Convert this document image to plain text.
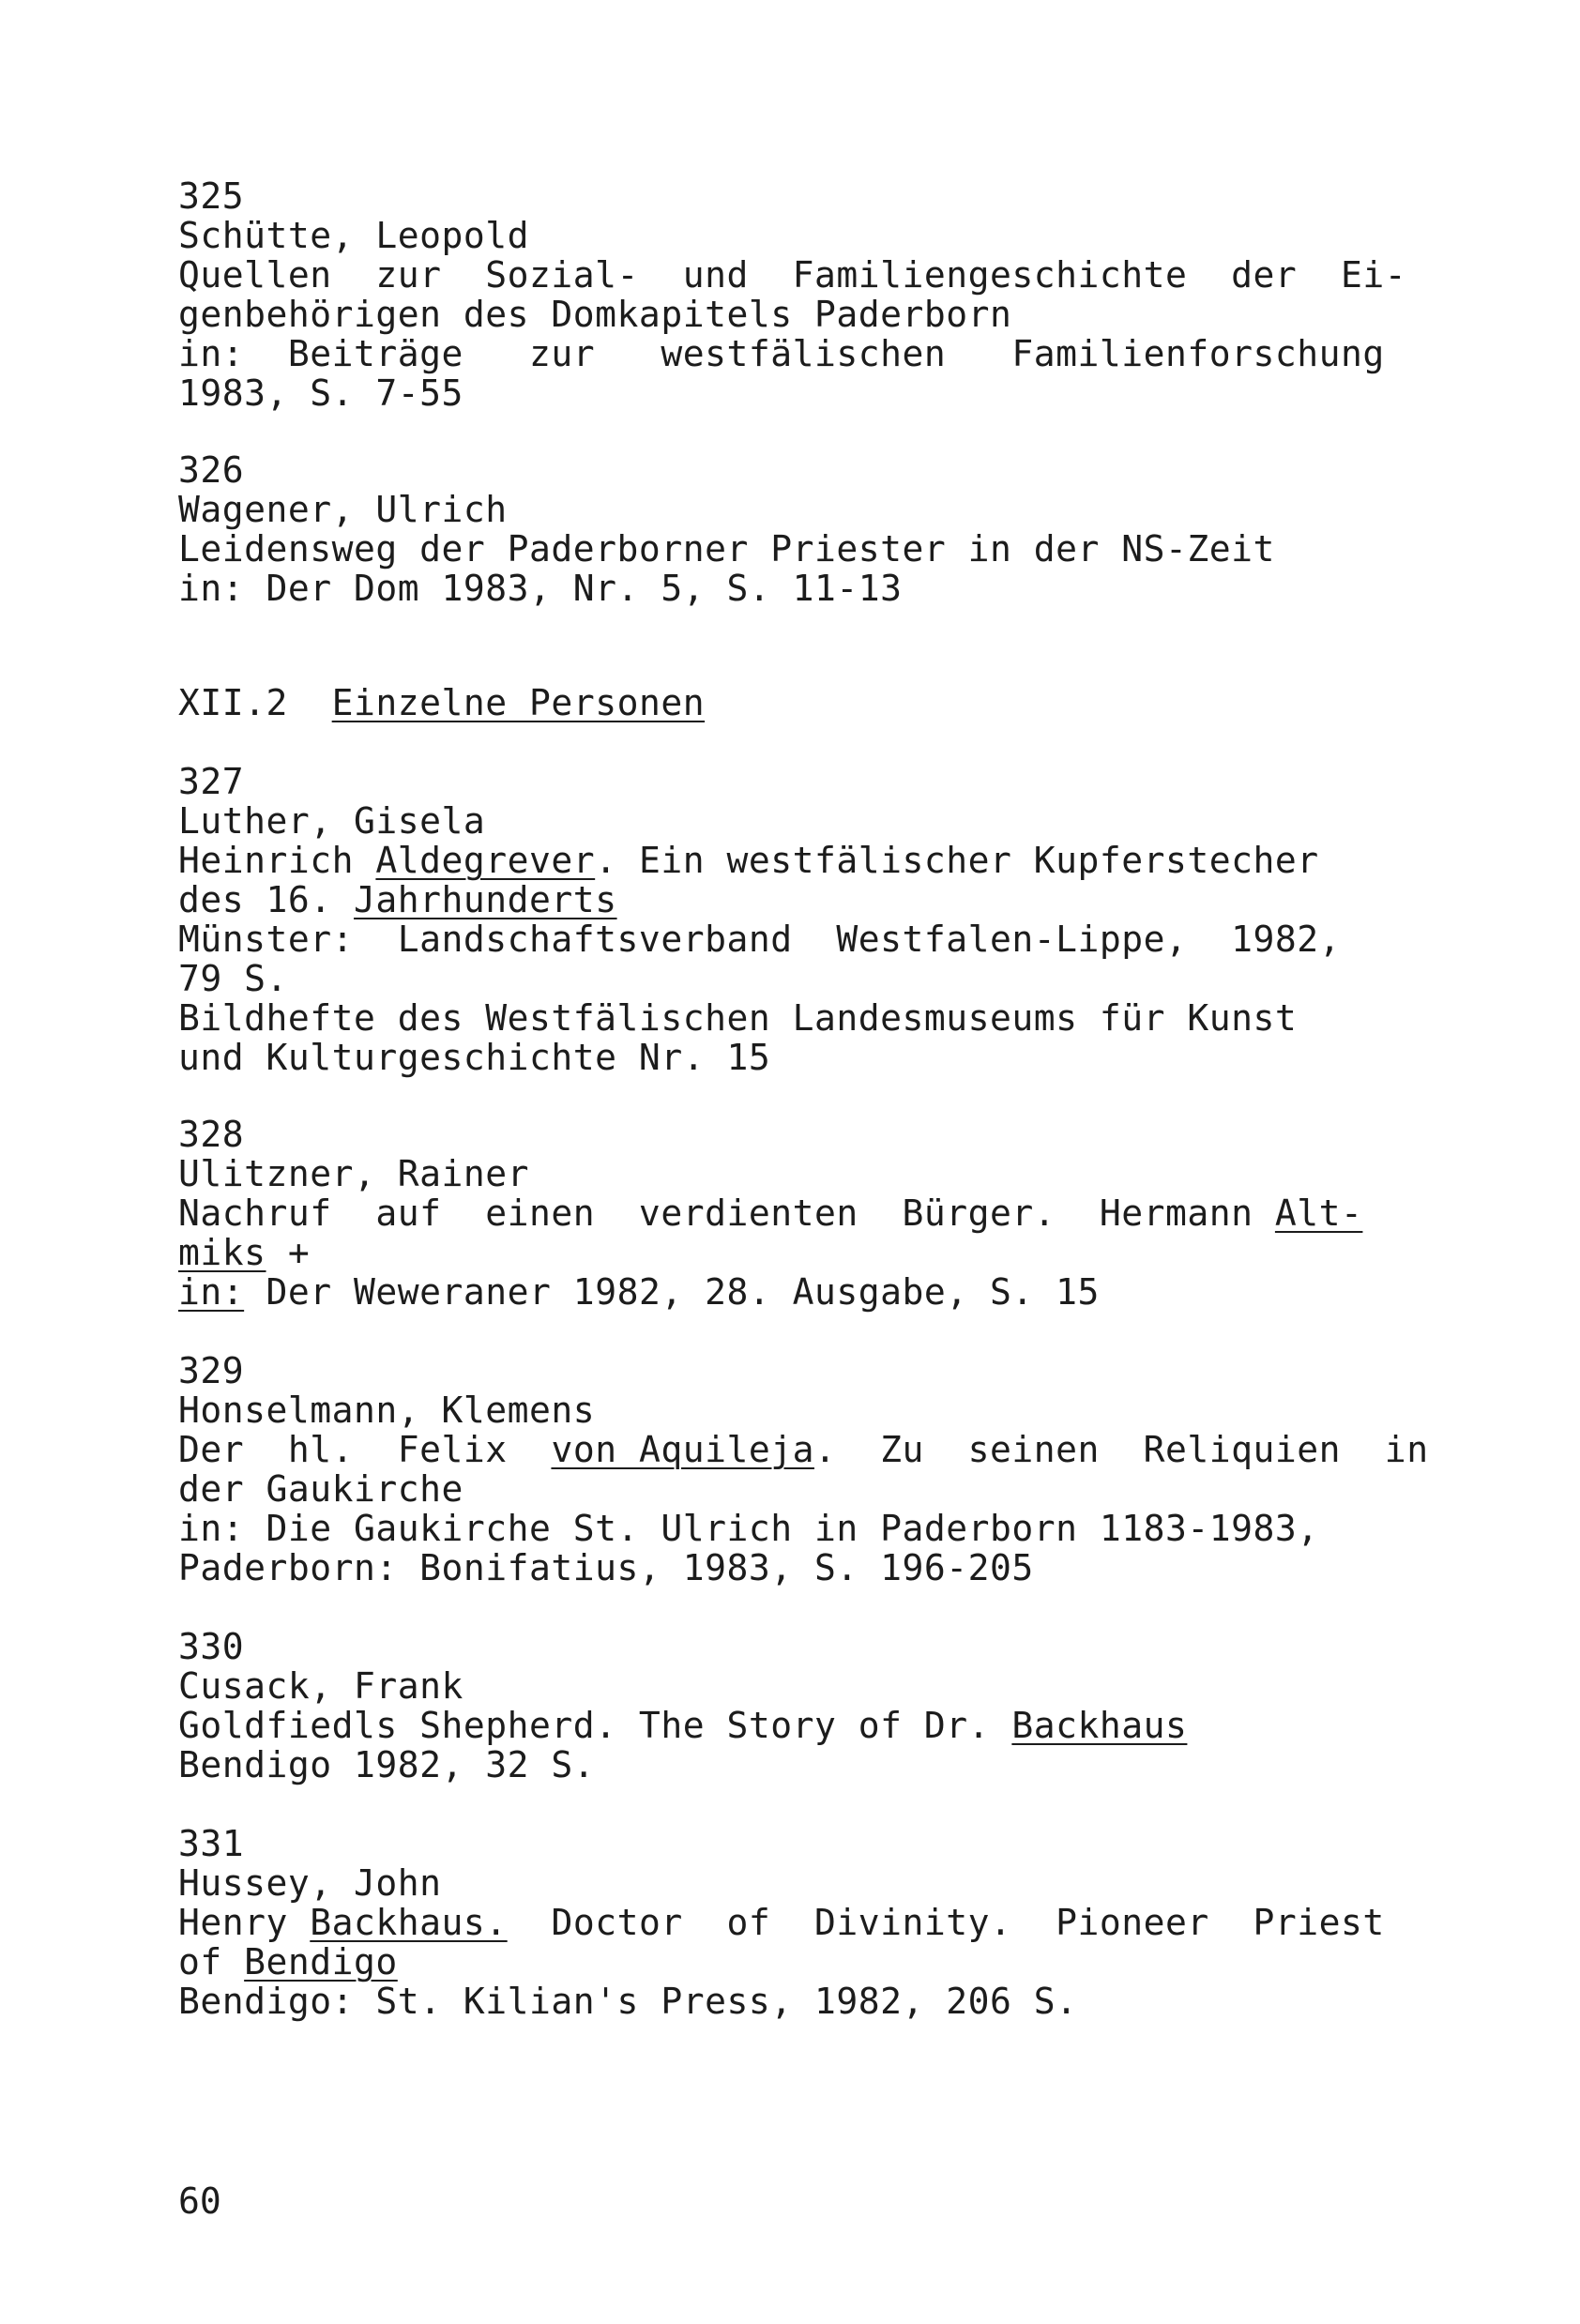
325
Schütte, Leopold
Quellen  zur  Sozial-  und  Familiengeschichte  der  Ei-
genbehörigen des Domkapitels Paderborn
in:  Beiträge   zur   westfälischen   Familienforschung
1983, S. 7-55
326
Wagener, Ulrich
Leidensweg der Paderborner Priester in der NS-Zeit
in: Der Dom 1983, Nr. 5, S. 11-13
XII.2 Einzelne Personen
327
Luther, Gisela
Heinrich Aldegrever. Ein westfälischer Kupferstecher
des 16. Jahrhunderts
Münster:  Landschaftsverband  Westfalen-Lippe,  1982,
79 S.
Bildhefte des Westfälischen Landesmuseums für Kunst
und Kulturgeschichte Nr. 15
328
Ulitzner, Rainer
Nachruf  auf  einen  verdienten  Bürger.  Hermann Alt-
miks +
in: Der Weweraner 1982, 28. Ausgabe, S. 15
329
Honselmann, Klemens
Der  hl.  Felix  von Aquileja.  Zu  seinen  Reliquien  in
der Gaukirche
in: Die Gaukirche St. Ulrich in Paderborn 1183-1983,
Paderborn: Bonifatius, 1983, S. 196-205
330
Cusack, Frank
Goldfiedls Shepherd. The Story of Dr. Backhaus
Bendigo 1982, 32 S.
331
Hussey, John
Henry Backhaus.  Doctor  of  Divinity.  Pioneer  Priest
of Bendigo
Bendigo: St. Kilian's Press, 1982, 206 S.
60
